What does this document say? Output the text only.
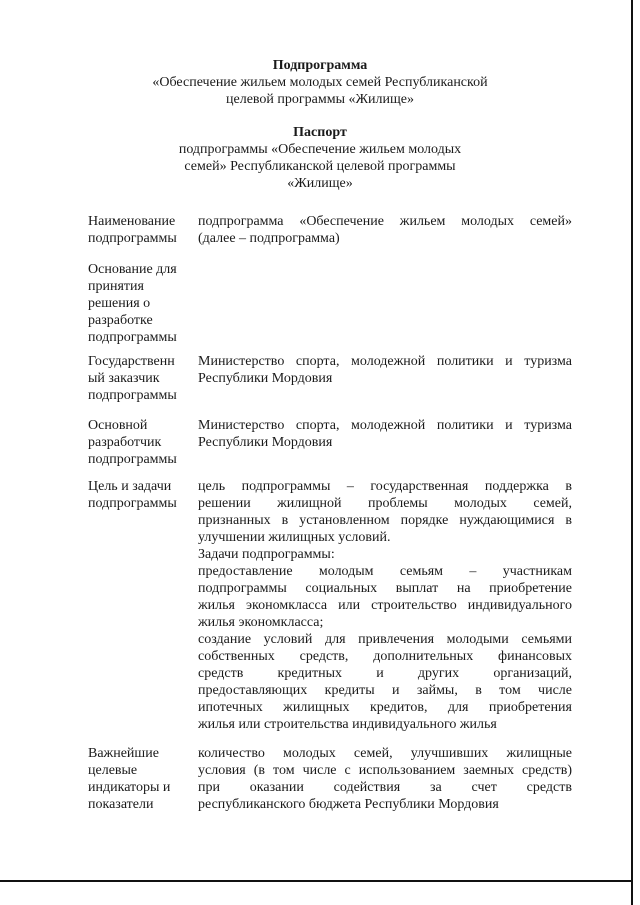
Подпрограмма
«Обеспечение жильем молодых семей Республиканской
целевой программы «Жилище»
Паспорт
подпрограммы «Обеспечение жильем молодых
семей» Республиканской целевой программы
«Жилище»
Наименование
подпрограммы
подпрограмма «Обеспечение жильем молодых семей»
(далее – подпрограмма)
Основание для
принятия
решения о
разработке
подпрограммы
Государственн
ый заказчик
подпрограммы
Министерство спорта, молодежной политики и туризма
Республики Мордовия
Основной
разработчик
подпрограммы
Министерство спорта, молодежной политики и туризма
Республики Мордовия
Цель и задачи
подпрограммы
цель подпрограммы – государственная поддержка в
решении жилищной проблемы молодых семей,
признанных в установленном порядке нуждающимися в
улучшении жилищных условий.
Задачи подпрограммы:
предоставление молодым семьям – участникам
подпрограммы социальных выплат на приобретение
жилья экономкласса или строительство индивидуального
жилья экономкласса;
создание условий для привлечения молодыми семьями
собственных средств, дополнительных финансовых
средств кредитных и других организаций,
предоставляющих кредиты и займы, в том числе
ипотечных жилищных кредитов, для приобретения
жилья или строительства индивидуального жилья
Важнейшие
целевые
индикаторы и
показатели
количество молодых семей, улучшивших жилищные
условия (в том числе с использованием заемных средств)
при оказании содействия за счет средств
республиканского бюджета Республики Мордовия
